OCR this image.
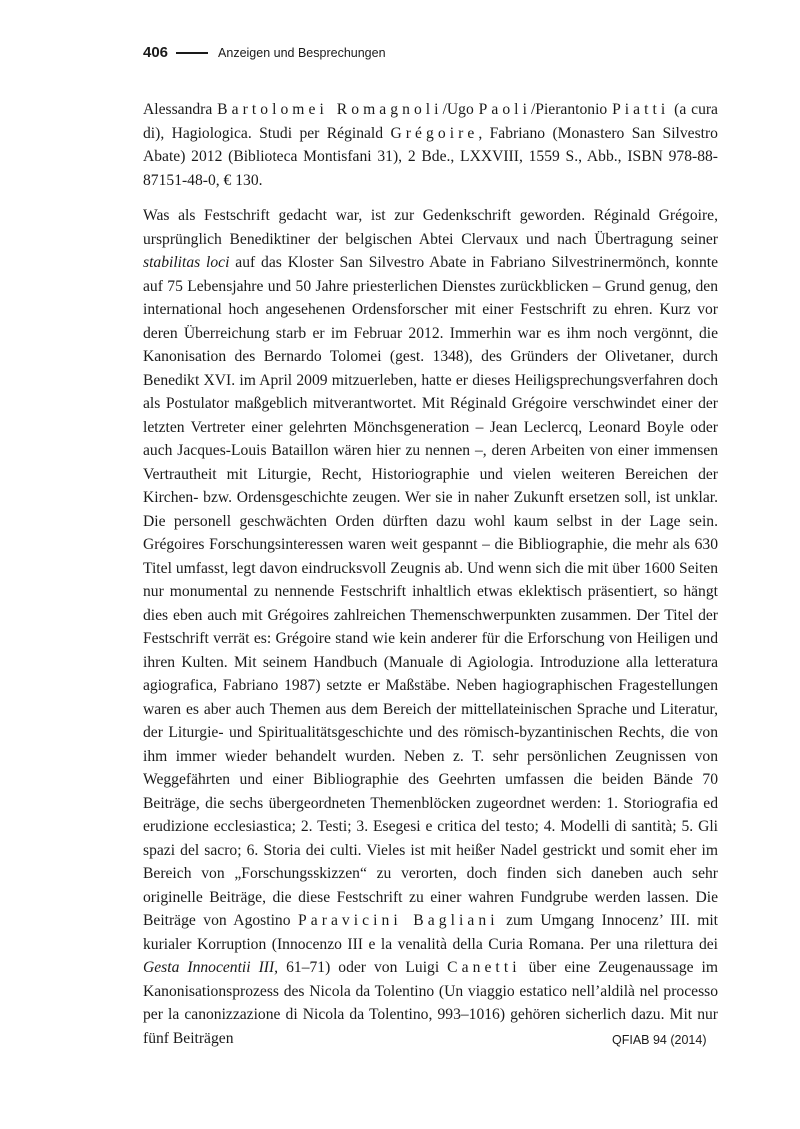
406	Anzeigen und Besprechungen

Alessandra Bartolomei Romagnoli/Ugo Paoli/Pierantonio Piatti (a cura di), Hagiologica. Studi per Réginald Grégoire, Fabriano (Monastero San Silvestro Abate) 2012 (Biblioteca Montisfani 31), 2 Bde., LXXVIII, 1559 S., Abb., ISBN 978-88-87151-48-0, € 130.

Was als Festschrift gedacht war, ist zur Gedenkschrift geworden. Réginald Grégoire, ursprünglich Benediktiner der belgischen Abtei Clervaux und nach Übertragung seiner stabilitas loci auf das Kloster San Silvestro Abate in Fabriano Silvestrinermönch, konnte auf 75 Lebensjahre und 50 Jahre priesterlichen Dienstes zurückblicken – Grund genug, den international hoch angesehenen Ordensforscher mit einer Festschrift zu ehren. Kurz vor deren Überreichung starb er im Februar 2012. Immerhin war es ihm noch vergönnt, die Kanonisation des Bernardo Tolomei (gest. 1348), des Gründers der Olivetaner, durch Benedikt XVI. im April 2009 mitzuerleben, hatte er dieses Heiligsprechungsverfahren doch als Postulator maßgeblich mitverantwortet. Mit Réginald Grégoire verschwindet einer der letzten Vertreter einer gelehrten Mönchsgeneration – Jean Leclercq, Leonard Boyle oder auch Jacques-Louis Bataillon wären hier zu nennen –, deren Arbeiten von einer immensen Vertrautheit mit Liturgie, Recht, Historiographie und vielen weiteren Bereichen der Kirchen- bzw. Ordensgeschichte zeugen. Wer sie in naher Zukunft ersetzen soll, ist unklar. Die personell geschwächten Orden dürften dazu wohl kaum selbst in der Lage sein. Grégoires Forschungsinteressen waren weit gespannt – die Bibliographie, die mehr als 630 Titel umfasst, legt davon eindrucksvoll Zeugnis ab. Und wenn sich die mit über 1600 Seiten nur monumental zu nennende Festschrift inhaltlich etwas eklektisch präsentiert, so hängt dies eben auch mit Grégoires zahlreichen Themenschwerpunkten zusammen. Der Titel der Festschrift verrät es: Grégoire stand wie kein anderer für die Erforschung von Heiligen und ihren Kulten. Mit seinem Handbuch (Manuale di Agiologia. Introduzione alla letteratura agiografica, Fabriano 1987) setzte er Maßstäbe. Neben hagiographischen Fragestellungen waren es aber auch Themen aus dem Bereich der mittellateinischen Sprache und Literatur, der Liturgie- und Spiritualitätsgeschichte und des römisch-byzantinischen Rechts, die von ihm immer wieder behandelt wurden. Neben z. T. sehr persönlichen Zeugnissen von Weggefährten und einer Bibliographie des Geehrten umfassen die beiden Bände 70 Beiträge, die sechs übergeordneten Themenblöcken zugeordnet werden: 1. Storiografia ed erudizione ecclesiastica; 2. Testi; 3. Esegesi e critica del testo; 4. Modelli di santità; 5. Gli spazi del sacro; 6. Storia dei culti. Vieles ist mit heißer Nadel gestrickt und somit eher im Bereich von „Forschungsskizzen“ zu verorten, doch finden sich daneben auch sehr originelle Beiträge, die diese Festschrift zu einer wahren Fundgrube werden lassen. Die Beiträge von Agostino Paravicini Bagliani zum Umgang Innocenz’ III. mit kurialer Korruption (Innocenzo III e la venalità della Curia Romana. Per una rilettura dei Gesta Innocentii III, 61–71) oder von Luigi Canetti über eine Zeugenaussage im Kanonisationsprozess des Nicola da Tolentino (Un viaggio estatico nell’aldilà nel processo per la canonizzazione di Nicola da Tolentino, 993–1016) gehören sicherlich dazu. Mit nur fünf Beiträgen	QFIAB 94 (2014)
